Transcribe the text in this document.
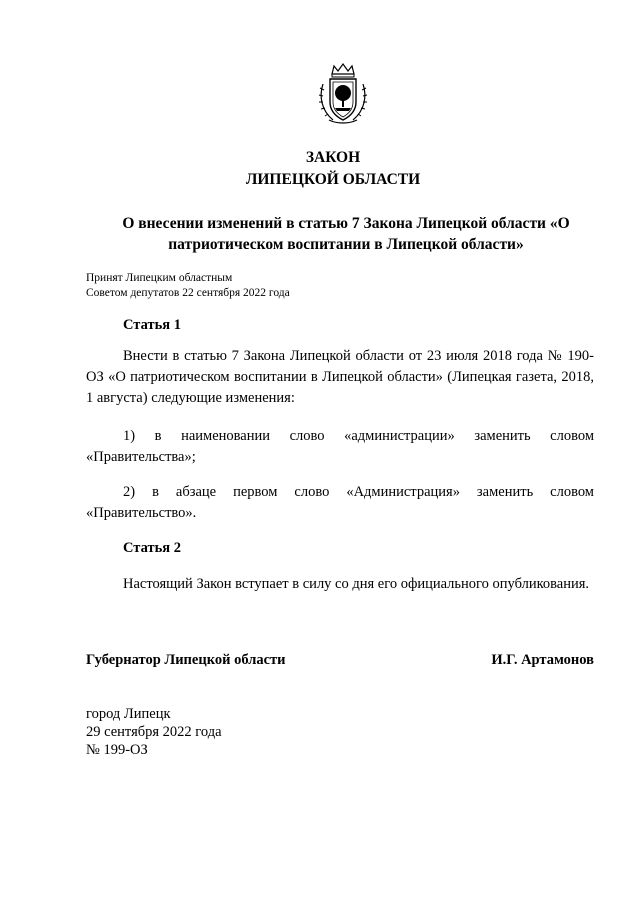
ЗАКОН
ЛИПЕЦКОЙ ОБЛАСТИ
О внесении изменений в статью 7 Закона Липецкой области «О патриотическом воспитании в Липецкой области»
Принят Липецким областным
Советом депутатов 22 сентября 2022 года
Статья 1

Внести в статью 7 Закона Липецкой области от 23 июля 2018 года № 190-ОЗ «О патриотическом воспитании в Липецкой области» (Липецкая газета, 2018, 1 августа) следующие изменения:

1) в наименовании слово «администрации» заменить словом «Правительства»;

2) в абзаце первом слово «Администрация» заменить словом «Правительство».

Статья 2

Настоящий Закон вступает в силу со дня его официального опубликования.

Губернатор Липецкой области	И.Г. Артамонов
город Липецк
29 сентября 2022 года
№ 199-ОЗ
